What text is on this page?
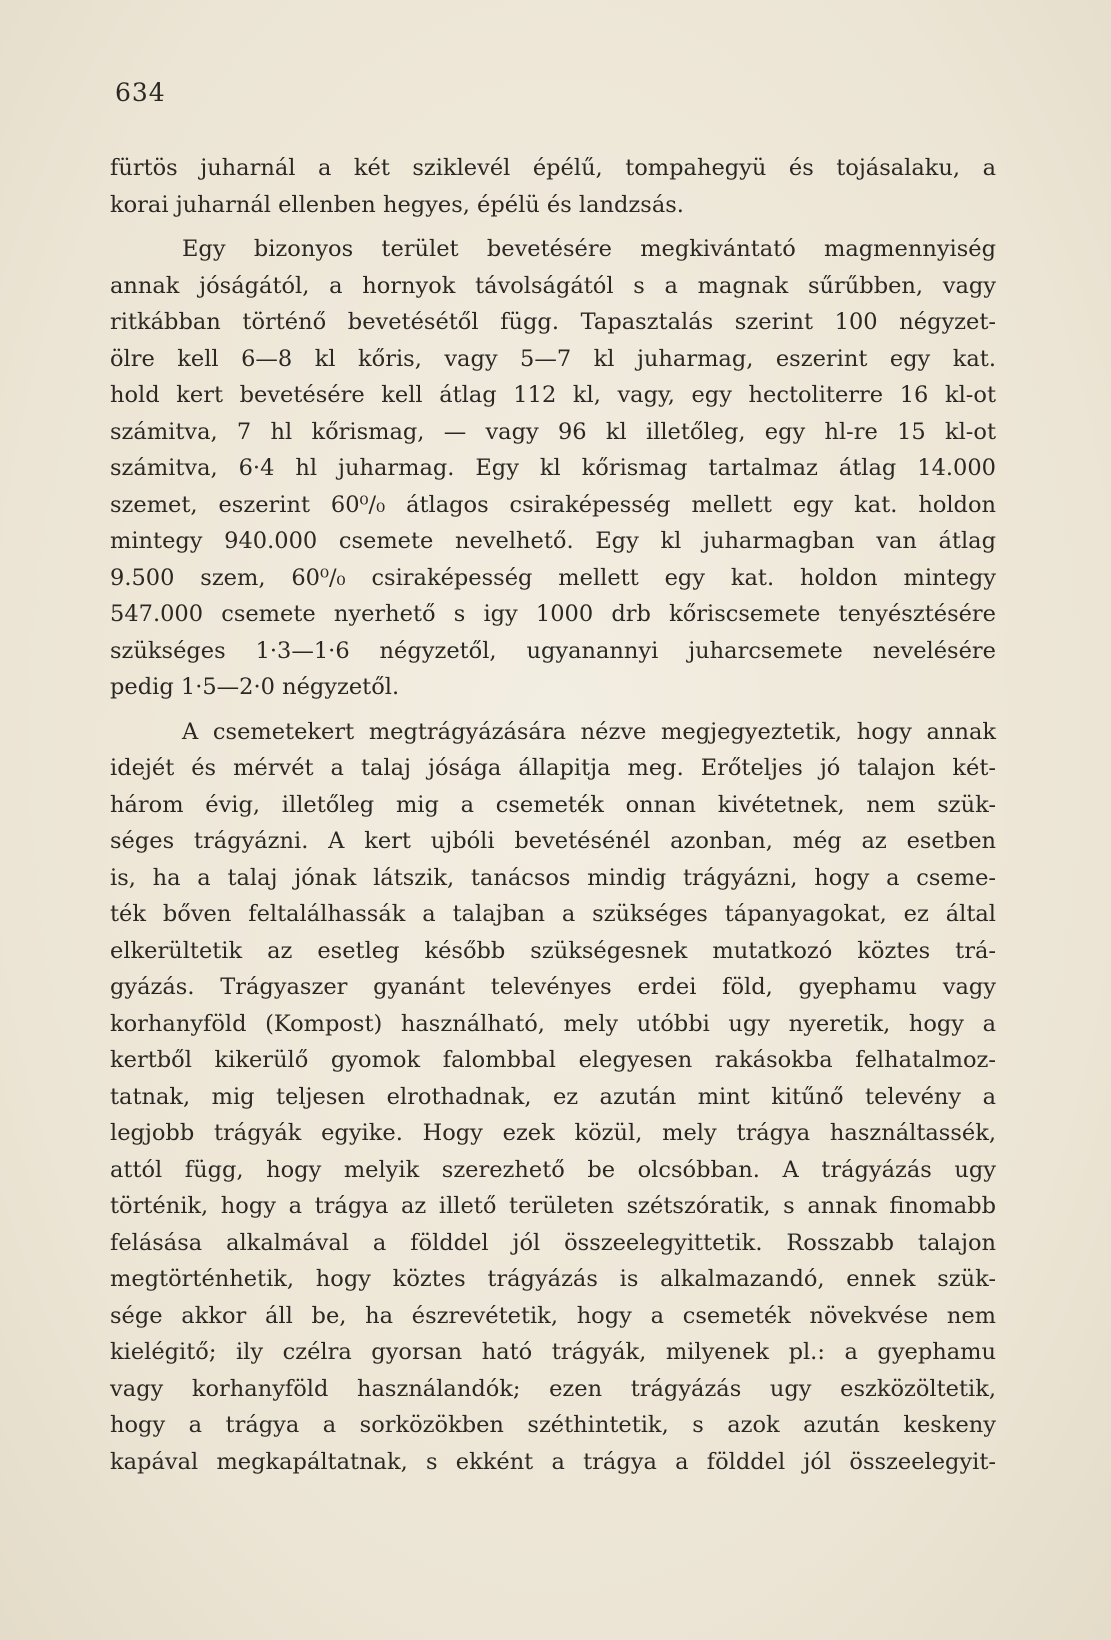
634

fürtös juharnál a két sziklevél épélű, tompahegyü és tojásalaku, a
korai juharnál ellenben hegyes, épélü és landzsás.

Egy bizonyos terület bevetésére megkivántató magmennyiség
annak jóságától, a hornyok távolságától s a magnak sűrűbben, vagy
ritkábban történő bevetésétől függ. Tapasztalás szerint 100 négyzet-
ölre kell 6—8 kl kőris, vagy 5—7 kl juharmag, eszerint egy kat.
hold kert bevetésére kell átlag 112 kl, vagy, egy hectoliterre 16 kl-ot
számitva, 7 hl kőrismag, — vagy 96 kl illetőleg, egy hl-re 15 kl-ot
számitva, 6·4 hl juharmag. Egy kl kőrismag tartalmaz átlag 14.000
szemet, eszerint 60⁰/₀ átlagos csiraképesség mellett egy kat. holdon
mintegy 940.000 csemete nevelhető. Egy kl juharmagban van átlag
9.500 szem, 60⁰/₀ csiraképesség mellett egy kat. holdon mintegy
547.000 csemete nyerhető s igy 1000 drb kőriscsemete tenyésztésére
szükséges 1·3—1·6 négyzetől, ugyanannyi juharcsemete nevelésére
pedig 1·5—2·0 négyzetől.

A csemetekert megtrágyázására nézve megjegyeztetik, hogy annak
idejét és mérvét a talaj jósága állapitja meg. Erőteljes jó talajon két-
három évig, illetőleg mig a csemeték onnan kivétetnek, nem szük-
séges trágyázni. A kert ujbóli bevetésénél azonban, még az esetben
is, ha a talaj jónak látszik, tanácsos mindig trágyázni, hogy a cseme-
ték bőven feltalálhassák a talajban a szükséges tápanyagokat, ez által
elkerültetik az esetleg később szükségesnek mutatkozó köztes trá-
gyázás. Trágyaszer gyanánt televényes erdei föld, gyephamu vagy
korhanyföld (Kompost) használható, mely utóbbi ugy nyeretik, hogy a
kertből kikerülő gyomok falombbal elegyesen rakásokba felhatalmoz-
tatnak, mig teljesen elrothadnak, ez azután mint kitűnő televény a
legjobb trágyák egyike. Hogy ezek közül, mely trágya használtassék,
attól függ, hogy melyik szerezhető be olcsóbban. A trágyázás ugy
történik, hogy a trágya az illető területen szétszóratik, s annak finomabb
felásása alkalmával a földdel jól összeelegyittetik. Rosszabb talajon
megtörténhetik, hogy köztes trágyázás is alkalmazandó, ennek szük-
sége akkor áll be, ha észrevétetik, hogy a csemeték növekvése nem
kielégitő; ily czélra gyorsan ható trágyák, milyenek pl.: a gyephamu
vagy korhanyföld használandók; ezen trágyázás ugy eszközöltetik,
hogy a trágya a sorközökben széthintetik, s azok azután keskeny
kapával megkapáltatnak, s ekként a trágya a földdel jól összeelegyit-
